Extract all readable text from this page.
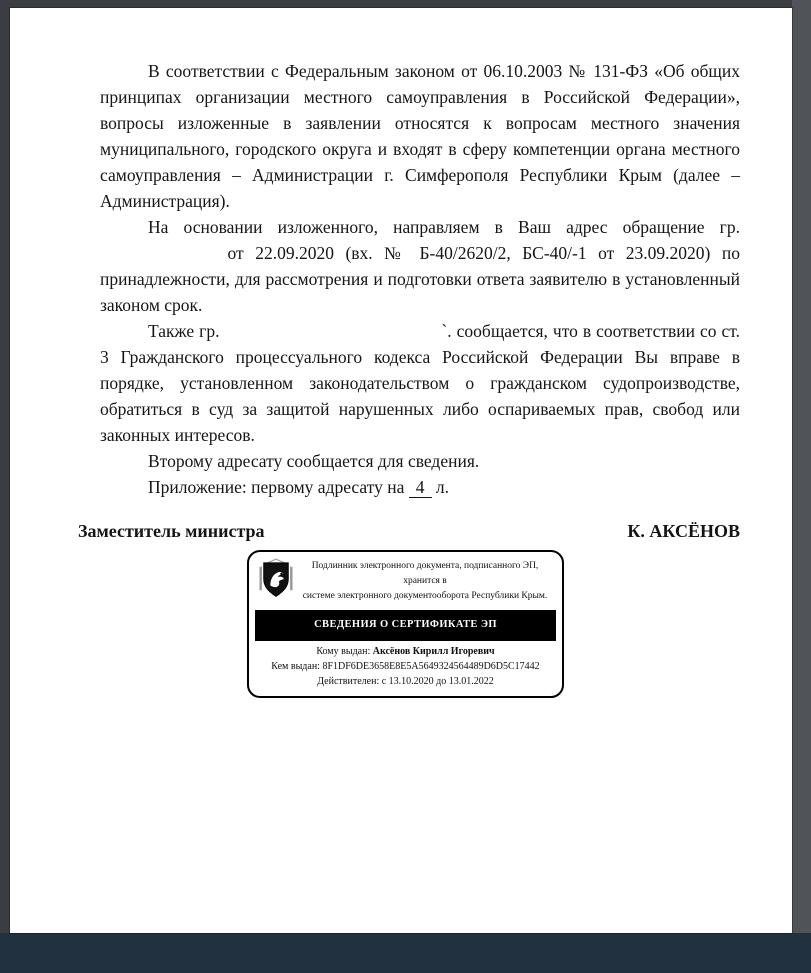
В соответствии с Федеральным законом от 06.10.2003 № 131-ФЗ «Об общих принципах организации местного самоуправления в Российской Федерации», вопросы изложенные в заявлении относятся к вопросам местного значения муниципального, городского округа и входят в сферу компетенции органа местного самоуправления – Администрации г. Симферополя Республики Крым (далее – Администрация).

На основании изложенного, направляем в Ваш адрес обращение гр.  от 22.09.2020 (вх. № Б-40/2620/2, БС-40/-1 от 23.09.2020) по принадлежности, для рассмотрения и подготовки ответа заявителю в установленный законом срок.

Также гр.	`. сообщается, что в соответствии со ст. 3 Гражданского процессуального кодекса Российской Федерации Вы вправе в порядке, установленном законодательством о гражданском судопроизводстве, обратиться в суд за защитой нарушенных либо оспариваемых прав, свобод или законных интересов.

Второму адресату сообщается для сведения.

Приложение: первому адресату на 4 л.

Заместитель министра	К. АКСЁНОВ
Подлинник электронного документа, подписанного ЭП, хранится в
системе электронного документооборота Республики Крым.
СВЕДЕНИЯ О СЕРТИФИКАТЕ ЭП
Кому выдан: Аксёнов Кирилл Игоревич
Кем выдан: 8F1DF6DE3658E8E5A5649324564489D6D5C17442
Действителен: с 13.10.2020 до 13.01.2022
